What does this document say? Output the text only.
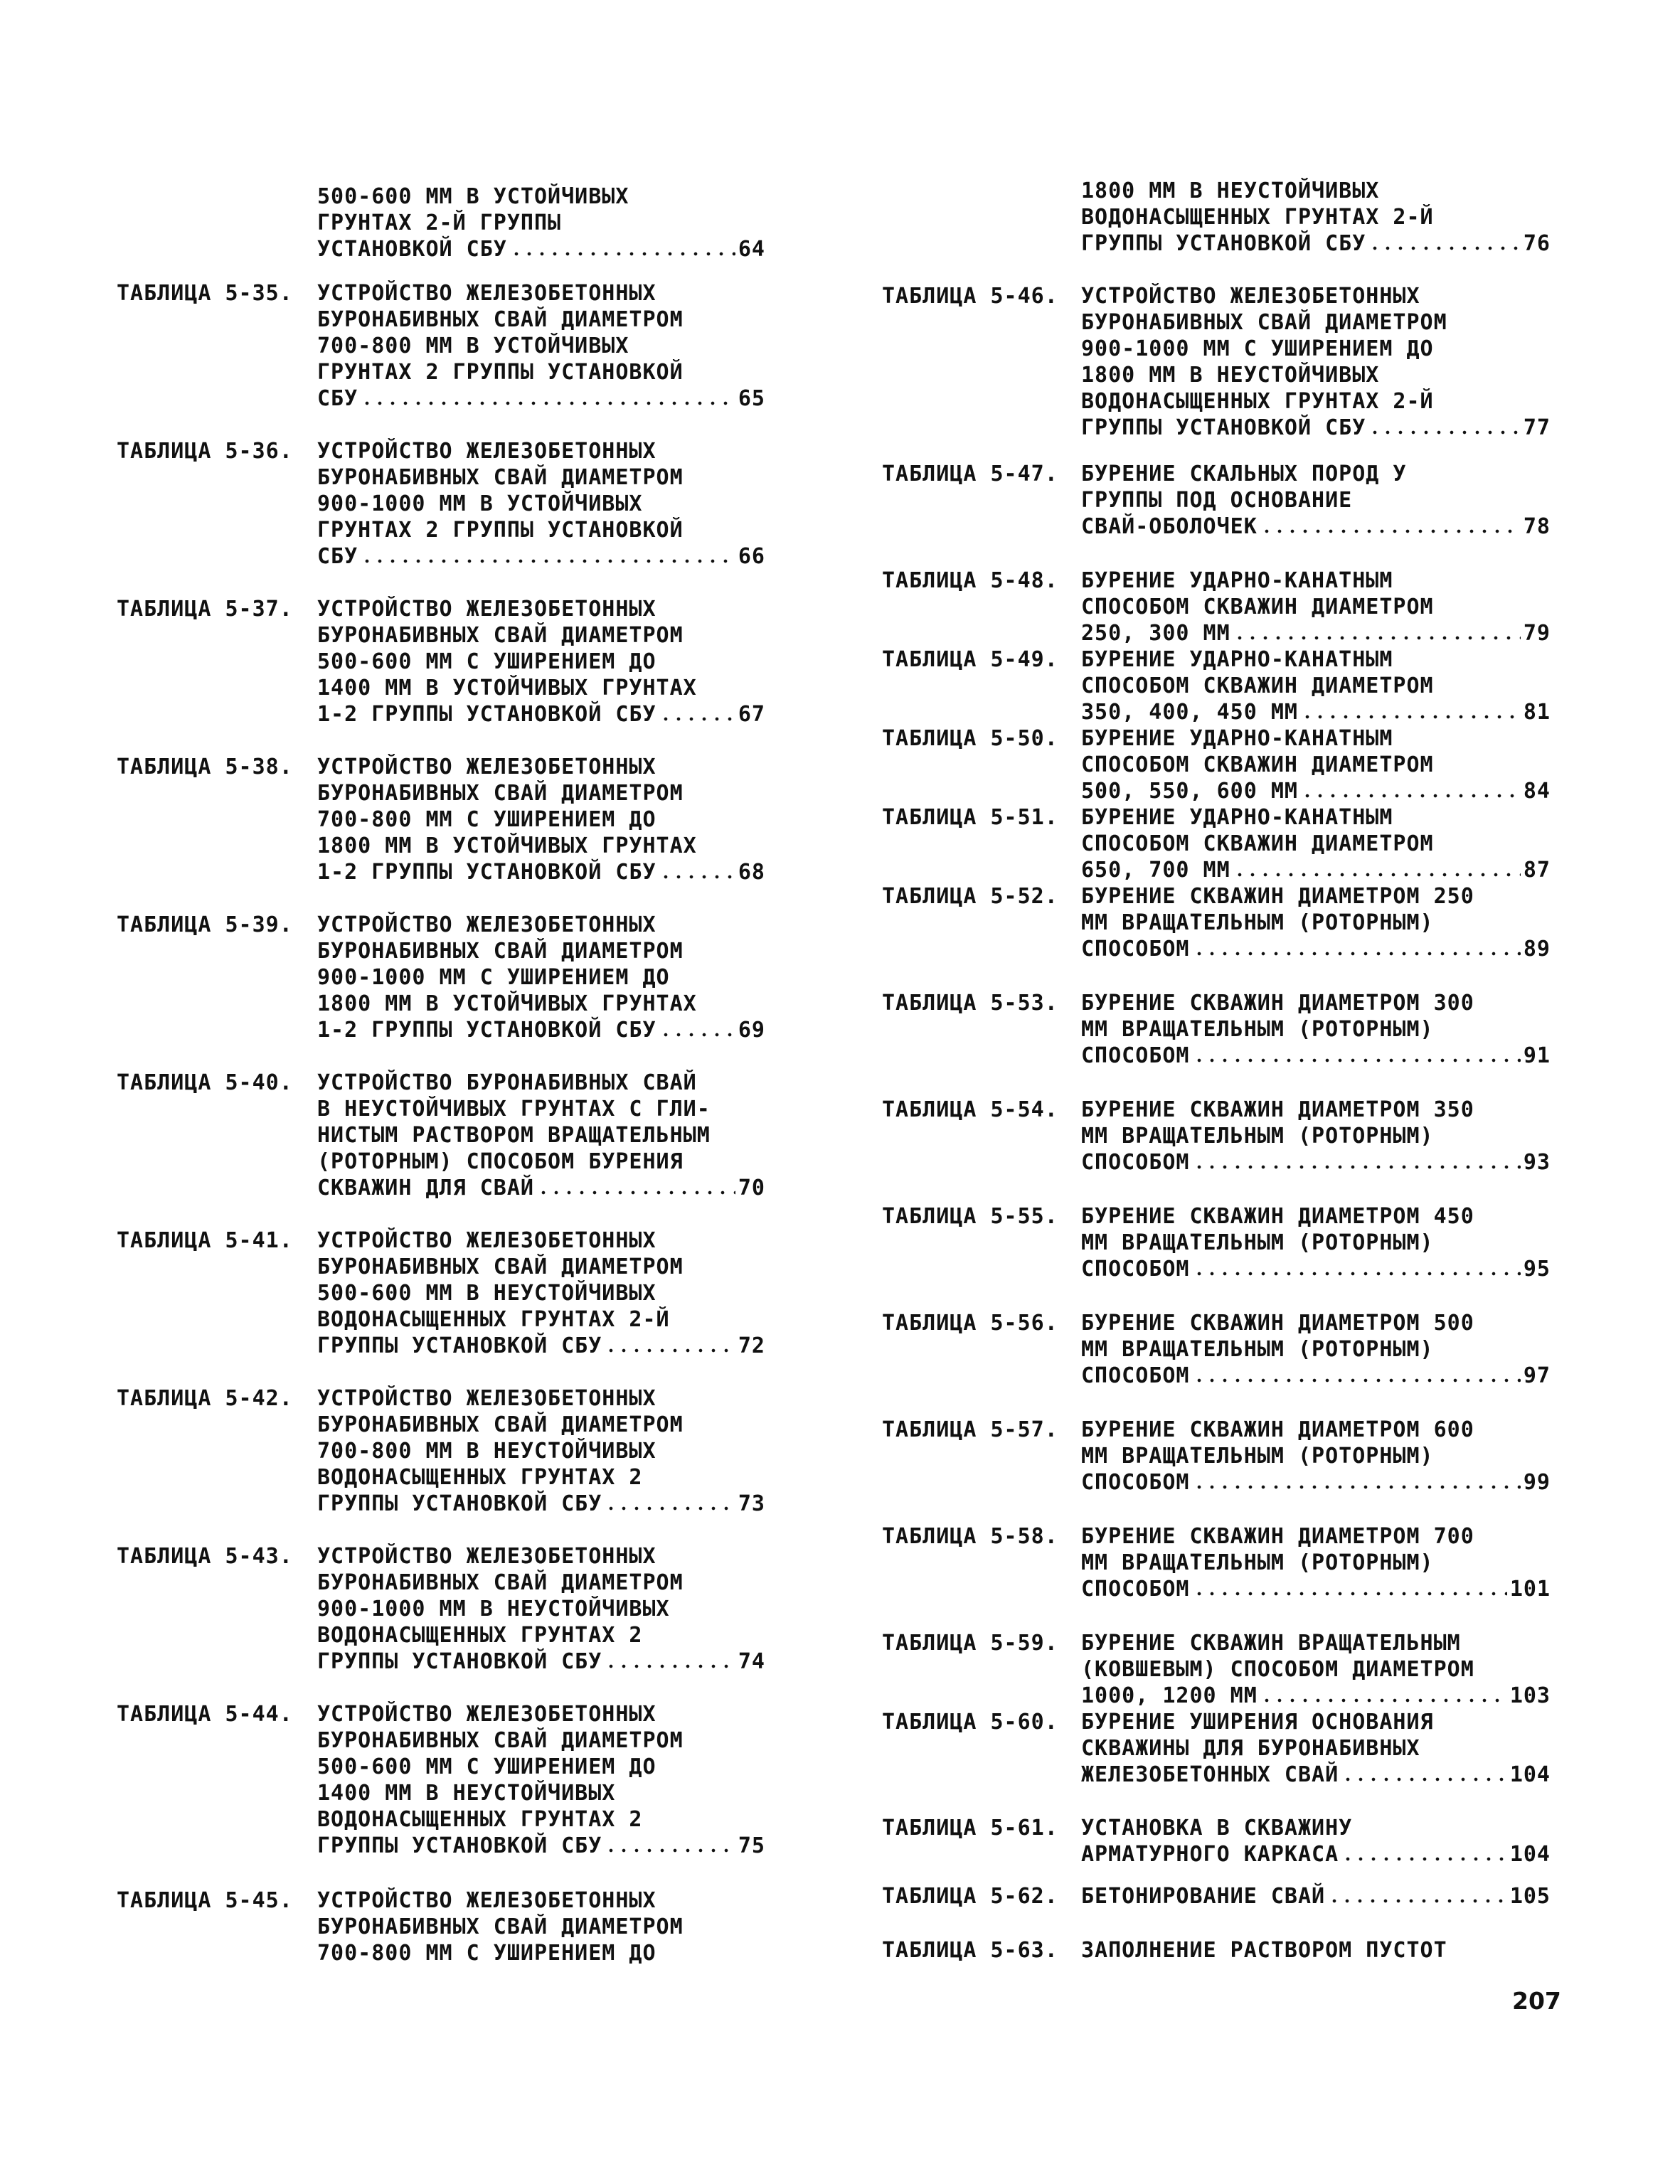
500-600 ММ В УСТОЙЧИВЫХ
ГРУНТАХ 2-Й ГРУППЫ
УСТАНОВКОЙ СБУ	64
ТАБЛИЦА 5-35. УСТРОЙСТВО ЖЕЛЕЗОБЕТОННЫХ
БУРОНАБИВНЫХ СВАЙ ДИАМЕТРОМ
700-800 ММ В УСТОЙЧИВЫХ
ГРУНТАХ 2 ГРУППЫ УСТАНОВКОЙ
СБУ	65
ТАБЛИЦА 5-36. УСТРОЙСТВО ЖЕЛЕЗОБЕТОННЫХ
БУРОНАБИВНЫХ СВАЙ ДИАМЕТРОМ
900-1000 ММ В УСТОЙЧИВЫХ
ГРУНТАХ 2 ГРУППЫ УСТАНОВКОЙ
СБУ	66
ТАБЛИЦА 5-37. УСТРОЙСТВО ЖЕЛЕЗОБЕТОННЫХ
БУРОНАБИВНЫХ СВАЙ ДИАМЕТРОМ
500-600 ММ С УШИРЕНИЕМ ДО
1400 ММ В УСТОЙЧИВЫХ ГРУНТАХ
1-2 ГРУППЫ УСТАНОВКОЙ СБУ	67
ТАБЛИЦА 5-38. УСТРОЙСТВО ЖЕЛЕЗОБЕТОННЫХ
БУРОНАБИВНЫХ СВАЙ ДИАМЕТРОМ
700-800 ММ С УШИРЕНИЕМ ДО
1800 ММ В УСТОЙЧИВЫХ ГРУНТАХ
1-2 ГРУППЫ УСТАНОВКОЙ СБУ	68
ТАБЛИЦА 5-39. УСТРОЙСТВО ЖЕЛЕЗОБЕТОННЫХ
БУРОНАБИВНЫХ СВАЙ ДИАМЕТРОМ
900-1000 ММ С УШИРЕНИЕМ ДО
1800 ММ В УСТОЙЧИВЫХ ГРУНТАХ
1-2 ГРУППЫ УСТАНОВКОЙ СБУ	69
ТАБЛИЦА 5-40. УСТРОЙСТВО БУРОНАБИВНЫХ СВАЙ
В НЕУСТОЙЧИВЫХ ГРУНТАХ С ГЛИ-
НИСТЫМ РАСТВОРОМ ВРАЩАТЕЛЬНЫМ
(РОТОРНЫМ) СПОСОБОМ БУРЕНИЯ
СКВАЖИН ДЛЯ СВАЙ	70
ТАБЛИЦА 5-41. УСТРОЙСТВО ЖЕЛЕЗОБЕТОННЫХ
БУРОНАБИВНЫХ СВАЙ ДИАМЕТРОМ
500-600 ММ В НЕУСТОЙЧИВЫХ
ВОДОНАСЫЩЕННЫХ ГРУНТАХ 2-Й
ГРУППЫ УСТАНОВКОЙ СБУ	72
ТАБЛИЦА 5-42. УСТРОЙСТВО ЖЕЛЕЗОБЕТОННЫХ
БУРОНАБИВНЫХ СВАЙ ДИАМЕТРОМ
700-800 ММ В НЕУСТОЙЧИВЫХ
ВОДОНАСЫЩЕННЫХ ГРУНТАХ 2
ГРУППЫ УСТАНОВКОЙ СБУ	73
ТАБЛИЦА 5-43. УСТРОЙСТВО ЖЕЛЕЗОБЕТОННЫХ
БУРОНАБИВНЫХ СВАЙ ДИАМЕТРОМ
900-1000 ММ В НЕУСТОЙЧИВЫХ
ВОДОНАСЫЩЕННЫХ ГРУНТАХ 2
ГРУППЫ УСТАНОВКОЙ СБУ	74
ТАБЛИЦА 5-44. УСТРОЙСТВО ЖЕЛЕЗОБЕТОННЫХ
БУРОНАБИВНЫХ СВАЙ ДИАМЕТРОМ
500-600 ММ С УШИРЕНИЕМ ДО
1400 ММ В НЕУСТОЙЧИВЫХ
ВОДОНАСЫЩЕННЫХ ГРУНТАХ 2
ГРУППЫ УСТАНОВКОЙ СБУ	75
ТАБЛИЦА 5-45. УСТРОЙСТВО ЖЕЛЕЗОБЕТОННЫХ
БУРОНАБИВНЫХ СВАЙ ДИАМЕТРОМ
700-800 ММ С УШИРЕНИЕМ ДО
1800 ММ В НЕУСТОЙЧИВЫХ
ВОДОНАСЫЩЕННЫХ ГРУНТАХ 2-Й
ГРУППЫ УСТАНОВКОЙ СБУ	76
ТАБЛИЦА 5-46. УСТРОЙСТВО ЖЕЛЕЗОБЕТОННЫХ
БУРОНАБИВНЫХ СВАЙ ДИАМЕТРОМ
900-1000 ММ С УШИРЕНИЕМ ДО
1800 ММ В НЕУСТОЙЧИВЫХ
ВОДОНАСЫЩЕННЫХ ГРУНТАХ 2-Й
ГРУППЫ УСТАНОВКОЙ СБУ	77
ТАБЛИЦА 5-47. БУРЕНИЕ СКАЛЬНЫХ ПОРОД У
ГРУППЫ ПОД ОСНОВАНИЕ
СВАЙ-ОБОЛОЧЕК	78
ТАБЛИЦА 5-48. БУРЕНИЕ УДАРНО-КАНАТНЫМ
СПОСОБОМ СКВАЖИН ДИАМЕТРОМ
250, 300 ММ	79
ТАБЛИЦА 5-49. БУРЕНИЕ УДАРНО-КАНАТНЫМ
СПОСОБОМ СКВАЖИН ДИАМЕТРОМ
350, 400, 450 ММ	81
ТАБЛИЦА 5-50. БУРЕНИЕ УДАРНО-КАНАТНЫМ
СПОСОБОМ СКВАЖИН ДИАМЕТРОМ
500, 550, 600 ММ	84
ТАБЛИЦА 5-51. БУРЕНИЕ УДАРНО-КАНАТНЫМ
СПОСОБОМ СКВАЖИН ДИАМЕТРОМ
650, 700 ММ	87
ТАБЛИЦА 5-52. БУРЕНИЕ СКВАЖИН ДИАМЕТРОМ 250
ММ ВРАЩАТЕЛЬНЫМ (РОТОРНЫМ)
СПОСОБОМ	89
ТАБЛИЦА 5-53. БУРЕНИЕ СКВАЖИН ДИАМЕТРОМ 300
ММ ВРАЩАТЕЛЬНЫМ (РОТОРНЫМ)
СПОСОБОМ	91
ТАБЛИЦА 5-54. БУРЕНИЕ СКВАЖИН ДИАМЕТРОМ 350
ММ ВРАЩАТЕЛЬНЫМ (РОТОРНЫМ)
СПОСОБОМ	93
ТАБЛИЦА 5-55. БУРЕНИЕ СКВАЖИН ДИАМЕТРОМ 450
ММ ВРАЩАТЕЛЬНЫМ (РОТОРНЫМ)
СПОСОБОМ	95
ТАБЛИЦА 5-56. БУРЕНИЕ СКВАЖИН ДИАМЕТРОМ 500
ММ ВРАЩАТЕЛЬНЫМ (РОТОРНЫМ)
СПОСОБОМ	97
ТАБЛИЦА 5-57. БУРЕНИЕ СКВАЖИН ДИАМЕТРОМ 600
ММ ВРАЩАТЕЛЬНЫМ (РОТОРНЫМ)
СПОСОБОМ	99
ТАБЛИЦА 5-58. БУРЕНИЕ СКВАЖИН ДИАМЕТРОМ 700
ММ ВРАЩАТЕЛЬНЫМ (РОТОРНЫМ)
СПОСОБОМ	101
ТАБЛИЦА 5-59. БУРЕНИЕ СКВАЖИН ВРАЩАТЕЛЬНЫМ
(КОВШЕВЫМ) СПОСОБОМ ДИАМЕТРОМ
1000, 1200 ММ	103
ТАБЛИЦА 5-60. БУРЕНИЕ УШИРЕНИЯ ОСНОВАНИЯ
СКВАЖИНЫ ДЛЯ БУРОНАБИВНЫХ
ЖЕЛЕЗОБЕТОННЫХ СВАЙ	104
ТАБЛИЦА 5-61. УСТАНОВКА В СКВАЖИНУ
АРМАТУРНОГО КАРКАСА	104
ТАБЛИЦА 5-62. БЕТОНИРОВАНИЕ СВАЙ	105
ТАБЛИЦА 5-63. ЗАПОЛНЕНИЕ РАСТВОРОМ ПУСТОТ
207
